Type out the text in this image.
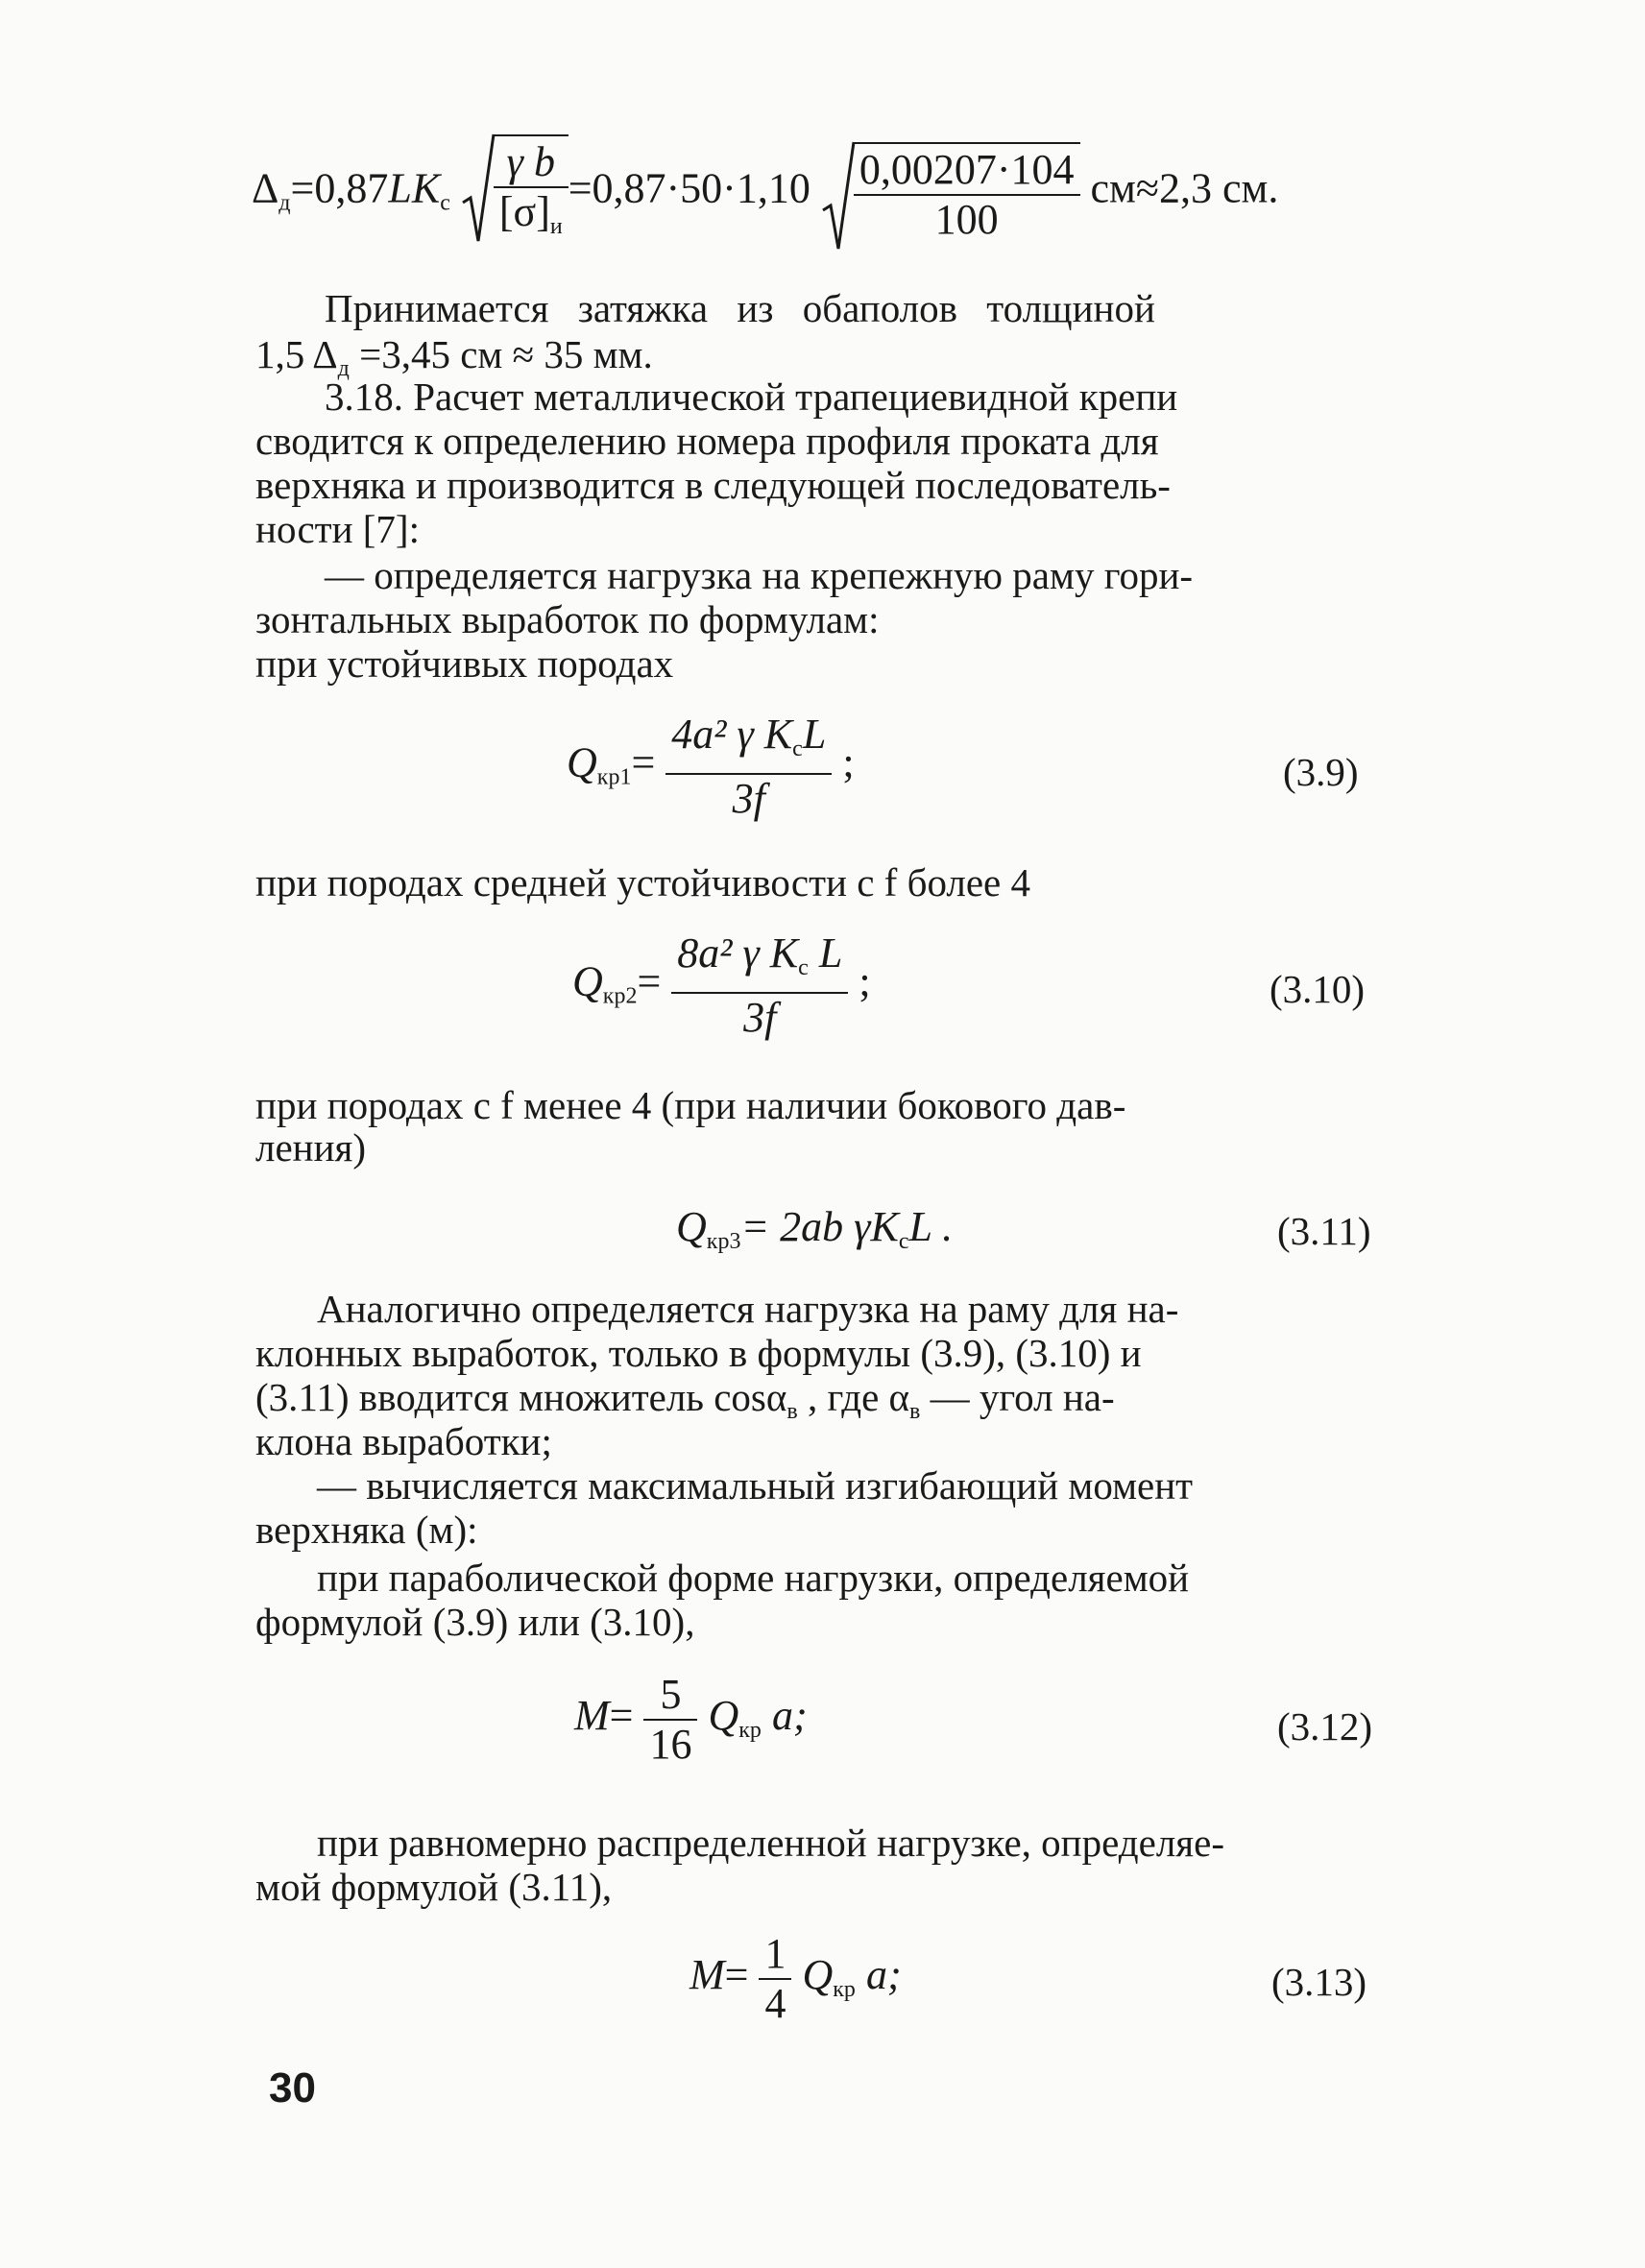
$\Delta_д=0,87LK_c \frac{\text{γ b}}{[\sigma]_и} =0,87\cdot 50\cdot 1,10 \frac{0,00207\cdot 104}{100} см\approx 2,3$ см.
Принимается затяжка из обаполов толщиной
1,5 $\Delta_д =3,45$ см ≈ 35 мм.
3.18. Расчет металлической трапециевидной крепи
сводится к определению номера профиля проката для
верхняка и производится в следующей последователь-
ности [7]:
— определяется нагрузка на крепежную раму гори-
зонтальных выработок по формулам:
при устойчивых породах
$Q_{кр1}= \frac{4a^2 \gamma K_cL}{3f}$ ;	(3.9)
при породах средней устойчивости с f более 4
$Q_{кр2}= \frac{8a^2 \gamma K_c L}{3f}$ ;	(3.10)
при породах с f менее 4 (при наличии бокового дав-
ления)
$Q_{кр3}= 2ab$ $\gamma K_cL$ .	(3.11)
Аналогично определяется нагрузка на раму для на-
клонных выработок, только в формулы (3.9), (3.10) и
(3.11) вводится множитель cosα$_в$ , где $\alpha_в$ — угол на-
клона выработки;
— вычисляется максимальный изгибающий момент
верхняка (м):
при параболической форме нагрузки, определяемой
формулой (3.9) или (3.10),
$M= \frac{5}{16} Q_{кр}$ a;	(3.12)
при равномерно распределенной нагрузке, определяе-
мой формулой (3.11),
$M= \frac{1}{4} Q_{кр}$ a;	(3.13)
30
